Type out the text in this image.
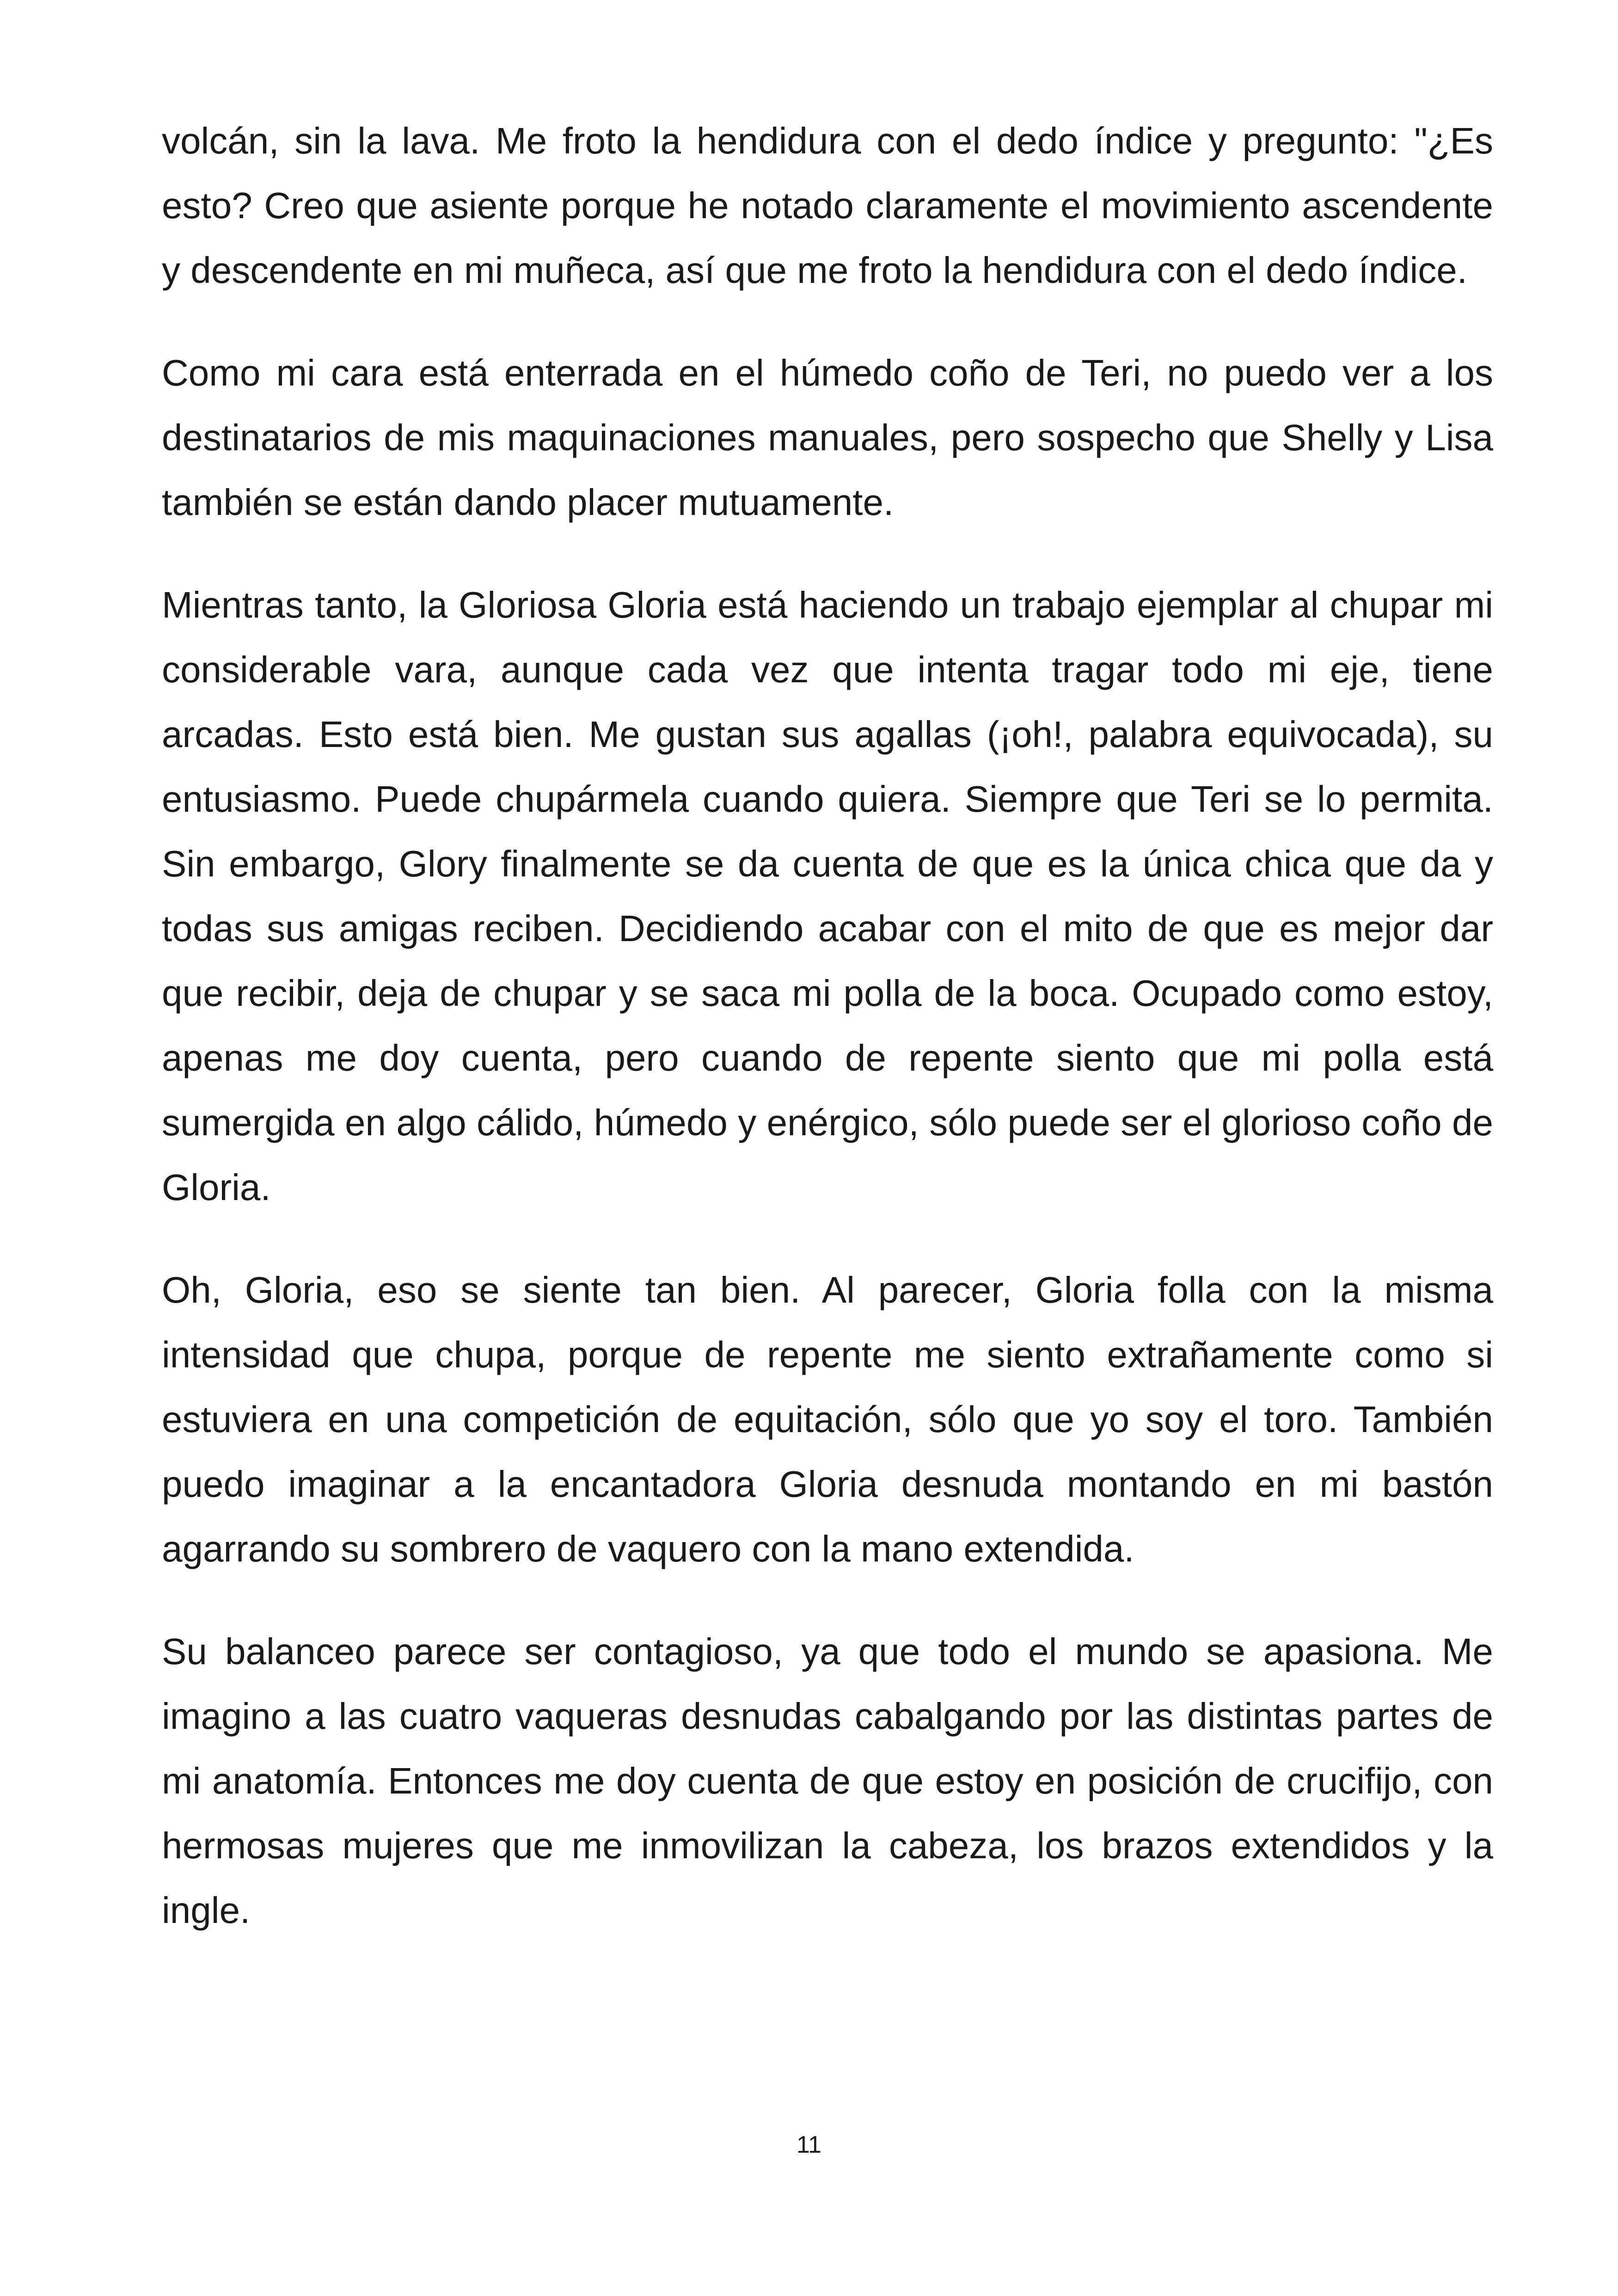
volcán, sin la lava. Me froto la hendidura con el dedo índice y pregunto: "¿Es esto? Creo que asiente porque he notado claramente el movimiento ascendente y descendente en mi muñeca, así que me froto la hendidura con el dedo índice.

Como mi cara está enterrada en el húmedo coño de Teri, no puedo ver a los destinatarios de mis maquinaciones manuales, pero sospecho que Shelly y Lisa también se están dando placer mutuamente.

Mientras tanto, la Gloriosa Gloria está haciendo un trabajo ejemplar al chupar mi considerable vara, aunque cada vez que intenta tragar todo mi eje, tiene arcadas. Esto está bien. Me gustan sus agallas (¡oh!, palabra equivocada), su entusiasmo. Puede chupármela cuando quiera. Siempre que Teri se lo permita. Sin embargo, Glory finalmente se da cuenta de que es la única chica que da y todas sus amigas reciben. Decidiendo acabar con el mito de que es mejor dar que recibir, deja de chupar y se saca mi polla de la boca. Ocupado como estoy, apenas me doy cuenta, pero cuando de repente siento que mi polla está sumergida en algo cálido, húmedo y enérgico, sólo puede ser el glorioso coño de Gloria.

Oh, Gloria, eso se siente tan bien. Al parecer, Gloria folla con la misma intensidad que chupa, porque de repente me siento extrañamente como si estuviera en una competición de equitación, sólo que yo soy el toro. También puedo imaginar a la encantadora Gloria desnuda montando en mi bastón agarrando su sombrero de vaquero con la mano extendida.

Su balanceo parece ser contagioso, ya que todo el mundo se apasiona. Me imagino a las cuatro vaqueras desnudas cabalgando por las distintas partes de mi anatomía. Entonces me doy cuenta de que estoy en posición de crucifijo, con hermosas mujeres que me inmovilizan la cabeza, los brazos extendidos y la ingle.

11
